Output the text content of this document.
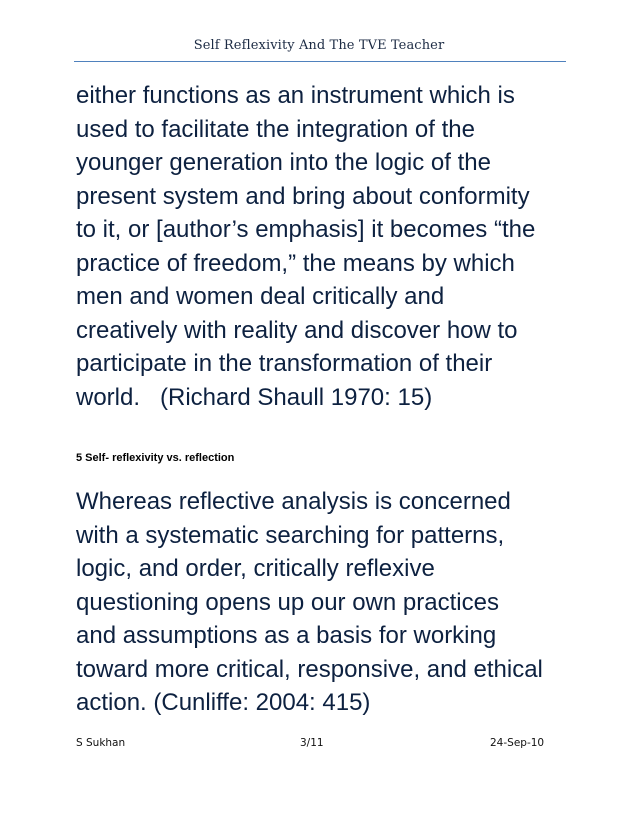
Self Reflexivity And The TVE Teacher
either functions as an instrument which is
used to facilitate the integration of the
younger generation into the logic of the
present system and bring about conformity
to it, or [author’s emphasis] it becomes “the
practice of freedom,” the means by which
men and women deal critically and
creatively with reality and discover how to
participate in the transformation of their
world.   (Richard Shaull 1970: 15)
5 Self- reflexivity vs. reflection
Whereas reflective analysis is concerned
with a systematic searching for patterns,
logic, and order, critically reflexive
questioning opens up our own practices
and assumptions as a basis for working
toward more critical, responsive, and ethical
action. (Cunliffe: 2004: 415)
S Sukhan	3/11	24-Sep-10
